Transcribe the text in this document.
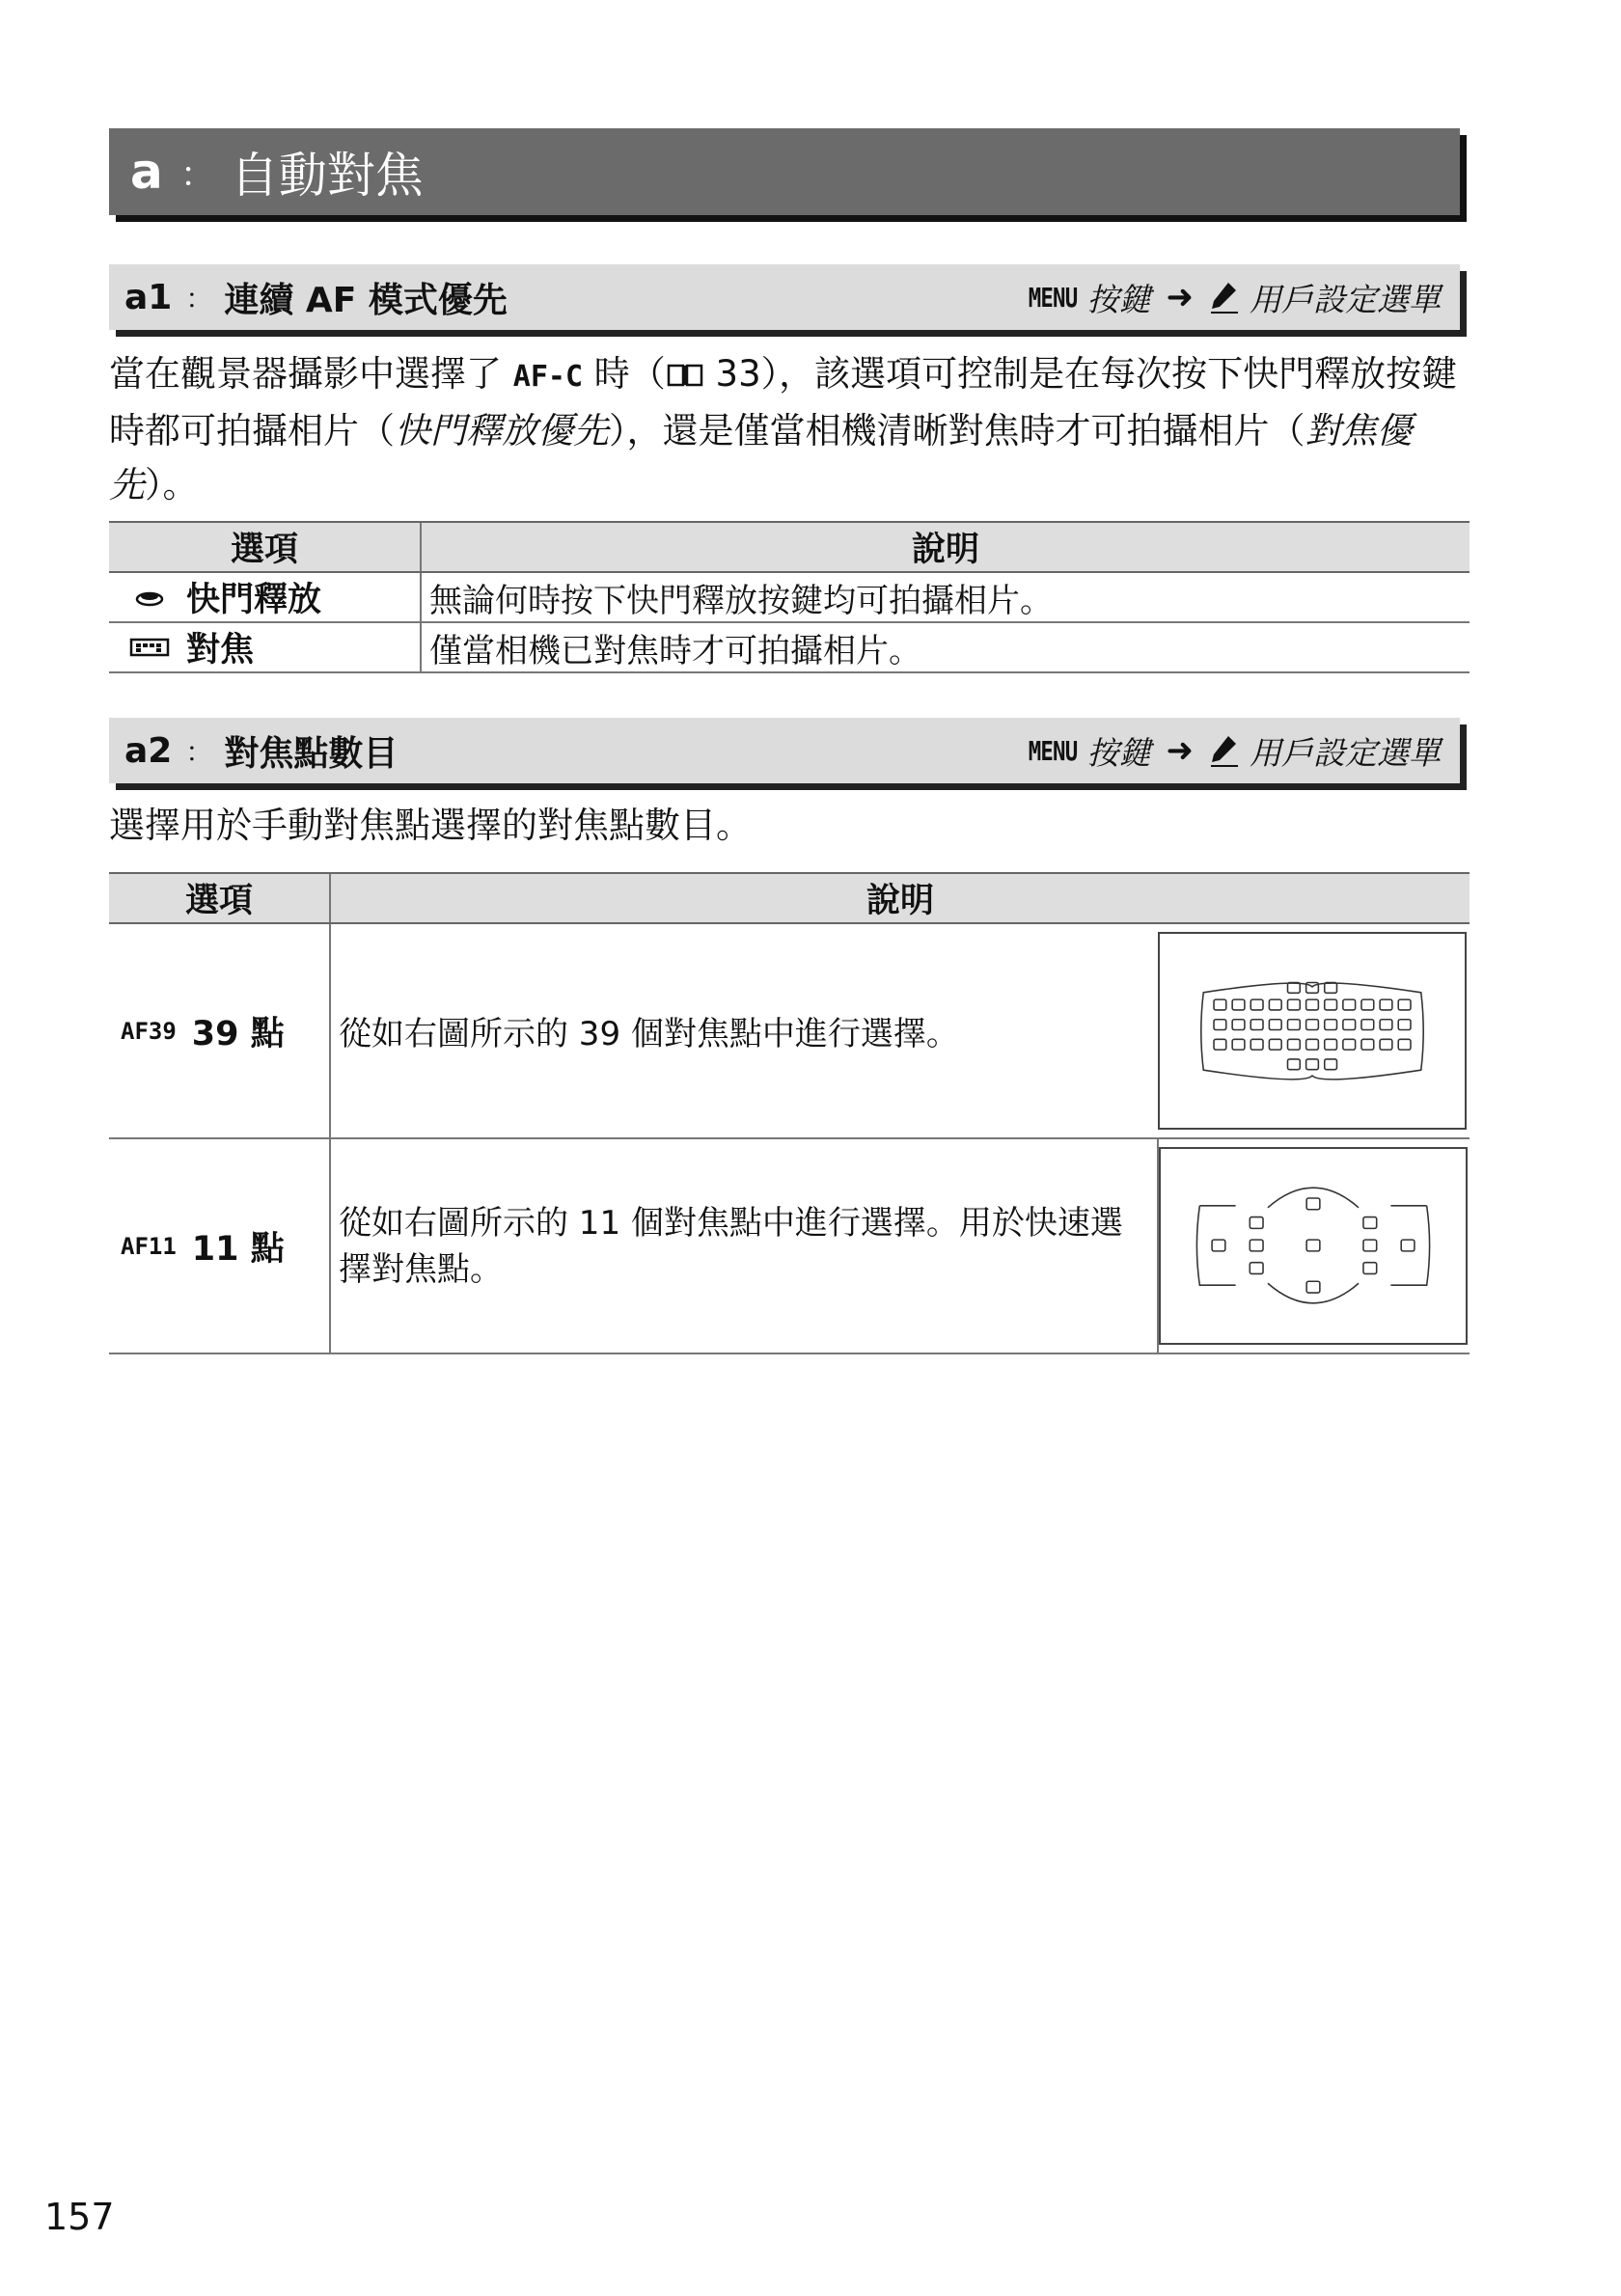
a ： 自動對焦
a1 ： 連續 AF 模式優先	MENU 按鍵 ➜ 用戶設定選單
當在觀景器攝影中選擇了 AF-C 時（ 33），該選項可控制是在每次按下快門釋放按鍵時都可拍攝相片（快門釋放優先），還是僅當相機清晰對焦時才可拍攝相片（對焦優先）。
選項	說明

快門釋放	無論何時按下快門釋放按鍵均可拍攝相片。

對焦	僅當相機已對焦時才可拍攝相片。
a2 ： 對焦點數目	MENU 按鍵 ➜ 用戶設定選單
選擇用於手動對焦點選擇的對焦點數目。
選項	說明	

AF39 39 點	從如右圖所示的 39 個對焦點中進行選擇。	

AF11 11 點	從如右圖所示的 11 個對焦點中進行選擇。用於快速選擇對焦點。	
157
